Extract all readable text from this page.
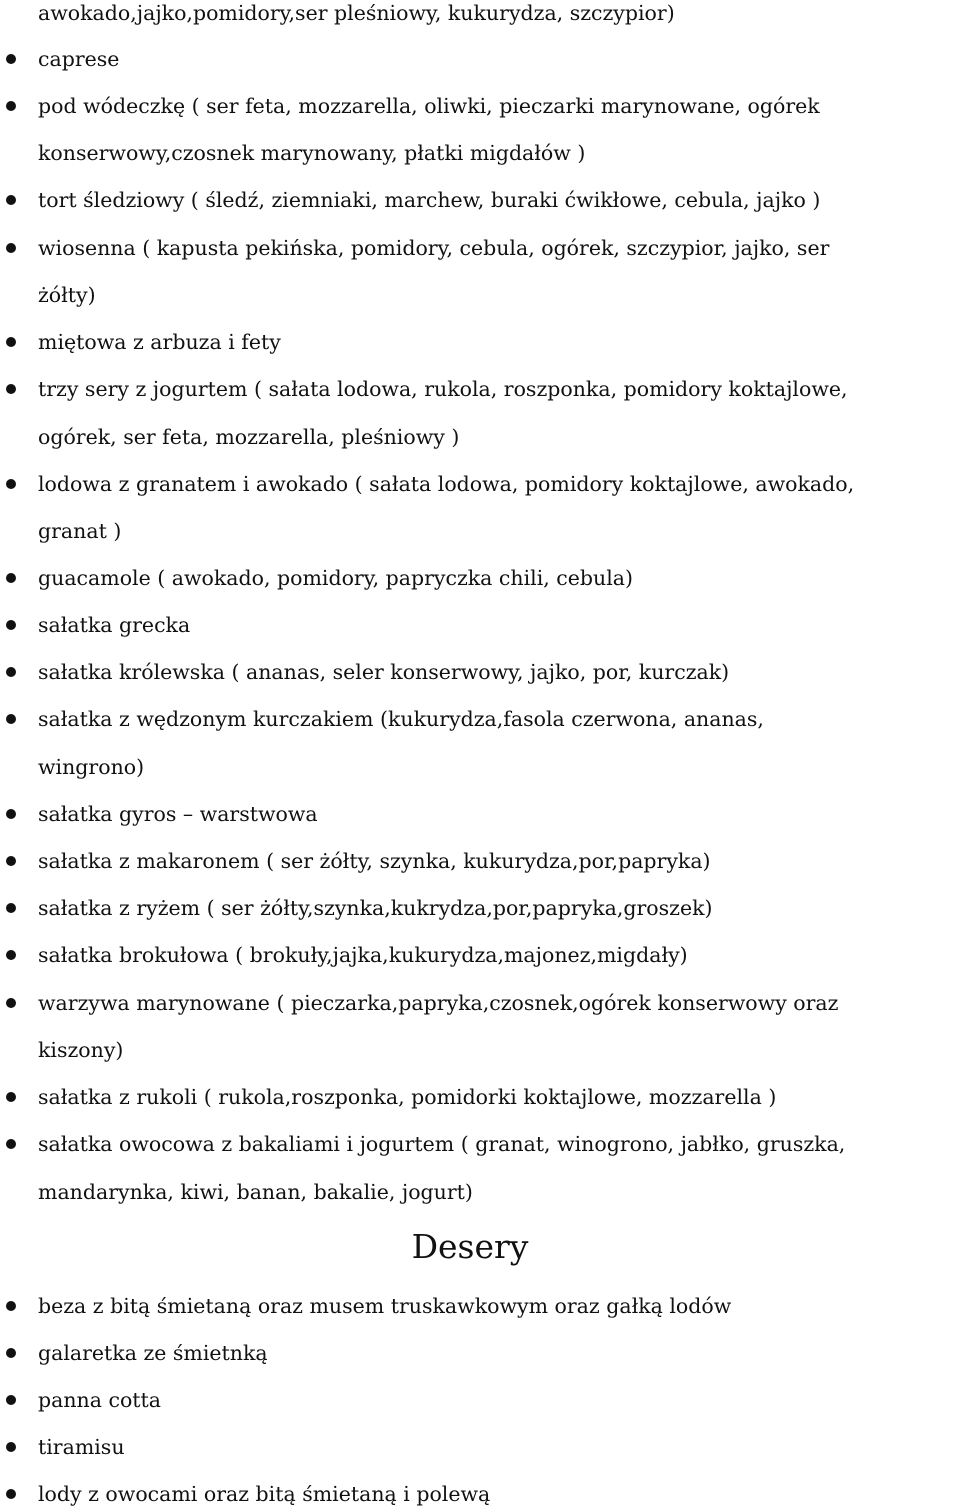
awokado,jajko,pomidory,ser pleśniowy, kukurydza, szczypior)
caprese
pod wódeczkę ( ser feta, mozzarella, oliwki, pieczarki marynowane, ogórek
konserwowy,czosnek marynowany, płatki migdałów )
tort śledziowy ( śledź, ziemniaki, marchew, buraki ćwikłowe, cebula, jajko )
wiosenna ( kapusta pekińska, pomidory, cebula, ogórek, szczypior, jajko, ser
żółty)
miętowa z arbuza i fety
trzy sery z jogurtem ( sałata lodowa, rukola, roszponka, pomidory koktajlowe,
ogórek, ser feta, mozzarella, pleśniowy )
lodowa z granatem i awokado ( sałata lodowa, pomidory koktajlowe, awokado,
granat )
guacamole ( awokado, pomidory, papryczka chili, cebula)
sałatka grecka
sałatka królewska ( ananas, seler konserwowy, jajko, por, kurczak)
sałatka z wędzonym kurczakiem (kukurydza,fasola czerwona, ananas,
wingrono)
sałatka gyros – warstwowa
sałatka z makaronem ( ser żółty, szynka, kukurydza,por,papryka)
sałatka z ryżem ( ser żółty,szynka,kukrydza,por,papryka,groszek)
sałatka brokułowa ( brokuły,jajka,kukurydza,majonez,migdały)
warzywa marynowane ( pieczarka,papryka,czosnek,ogórek konserwowy oraz
kiszony)
sałatka z rukoli ( rukola,roszponka, pomidorki koktajlowe, mozzarella )
sałatka owocowa z bakaliami i jogurtem ( granat, winogrono, jabłko, gruszka,
mandarynka, kiwi, banan, bakalie, jogurt)
Desery
beza z bitą śmietaną oraz musem truskawkowym oraz gałką lodów
galaretka ze śmietnką
panna cotta
tiramisu
lody z owocami oraz bitą śmietaną i polewą
